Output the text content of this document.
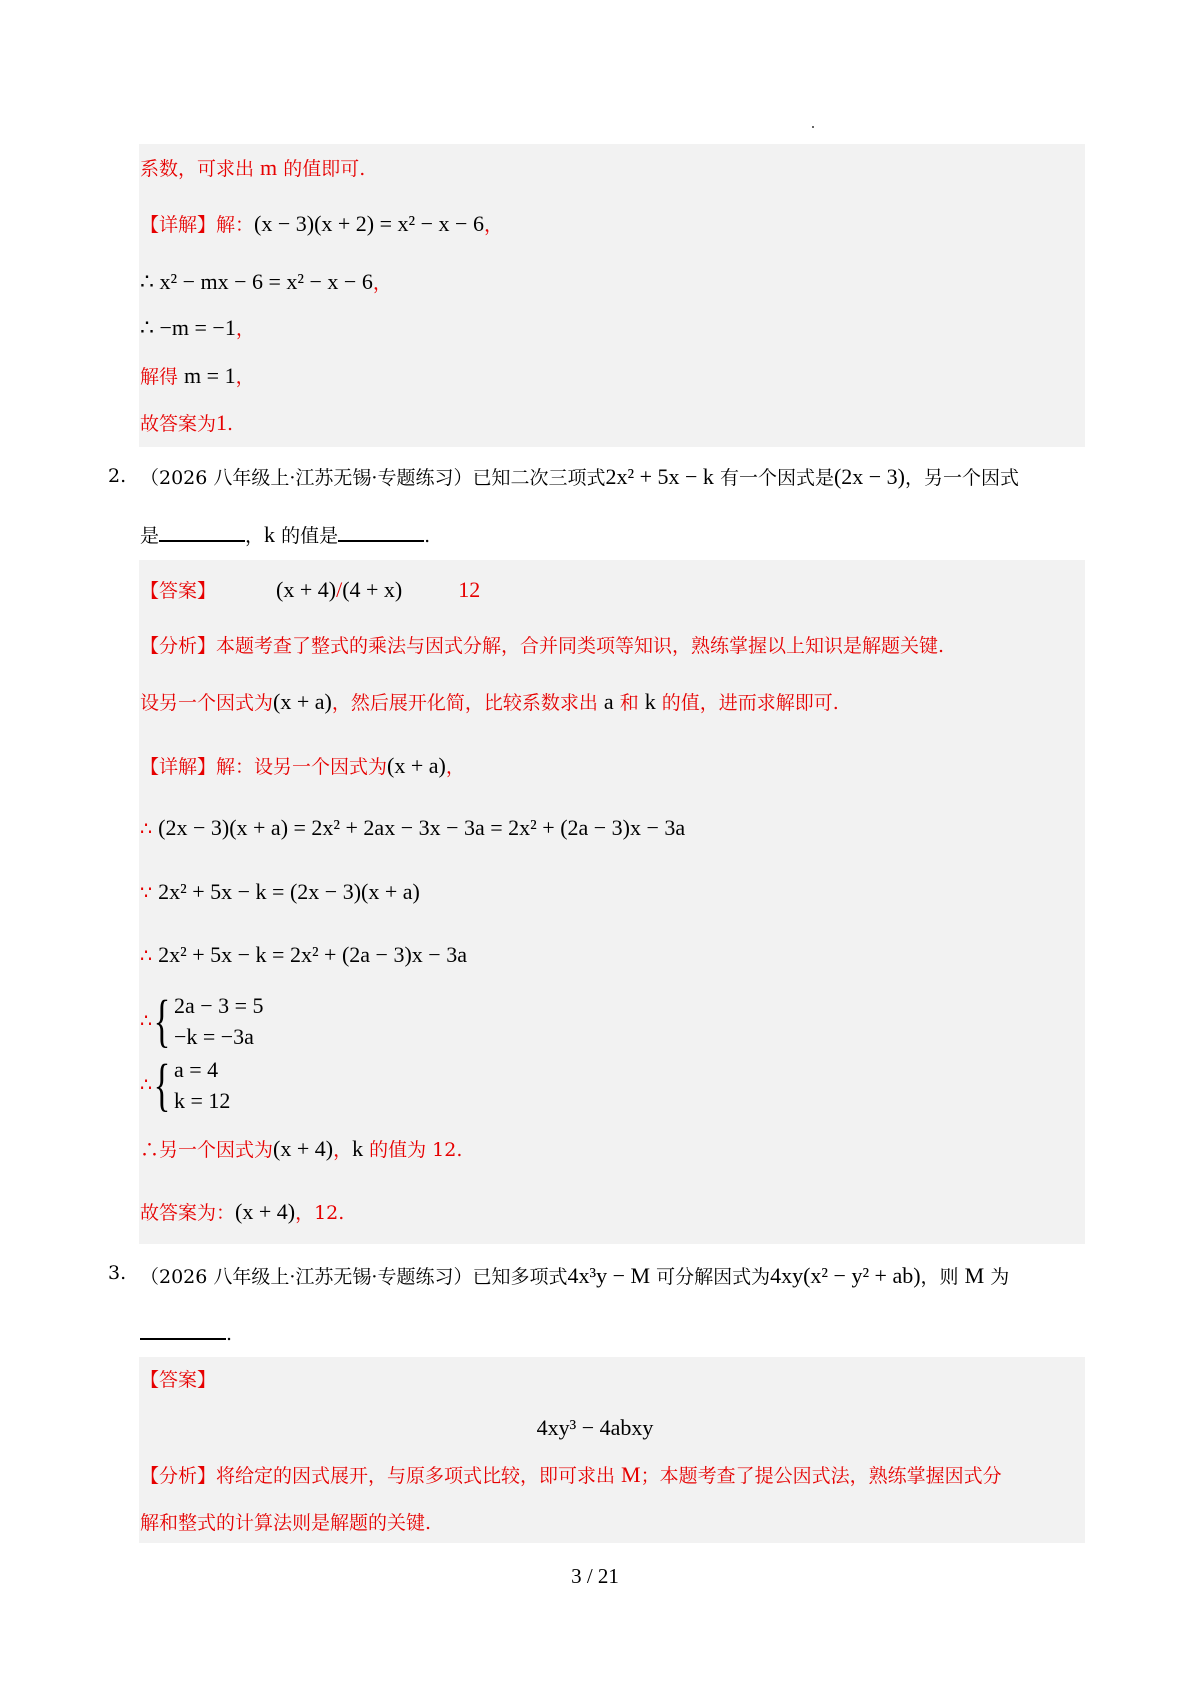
系数，可求出 m 的值即可.
【详解】解：(x − 3)(x + 2) = x² − x − 6，
∴ x² − mx − 6 = x² − x − 6，
∴ −m = −1，
解得 m = 1，
故答案为1.
2. （2026 八年级上·江苏无锡·专题练习）已知二次三项式2x² + 5x − k 有一个因式是(2x − 3)，另一个因式
是	，k 的值是	.
【答案】	(x + 4)/(4 + x)	12
【分析】本题考查了整式的乘法与因式分解，合并同类项等知识，熟练掌握以上知识是解题关键.
设另一个因式为(x + a)，然后展开化简，比较系数求出 a 和 k 的值，进而求解即可.
【详解】解：设另一个因式为(x + a)，
∴ (2x − 3)(x + a) = 2x² + 2ax − 3x − 3a = 2x² + (2a − 3)x − 3a
∵ 2x² + 5x − k = (2x − 3)(x + a)
∴ 2x² + 5x − k = 2x² + (2a − 3)x − 3a
∴ { 2a − 3 = 5
−k = −3a
∴ { a = 4
k = 12
∴另一个因式为(x + 4)，k 的值为 12.
故答案为：(x + 4)，12.
3. （2026 八年级上·江苏无锡·专题练习）已知多项式4x³y − M 可分解因式为4xy(x² − y² + ab)，则 M 为
.
【答案】
4xy³ − 4abxy
【分析】将给定的因式展开，与原多项式比较，即可求出 M；本题考查了提公因式法，熟练掌握因式分
解和整式的计算法则是解题的关键.
3 / 21
